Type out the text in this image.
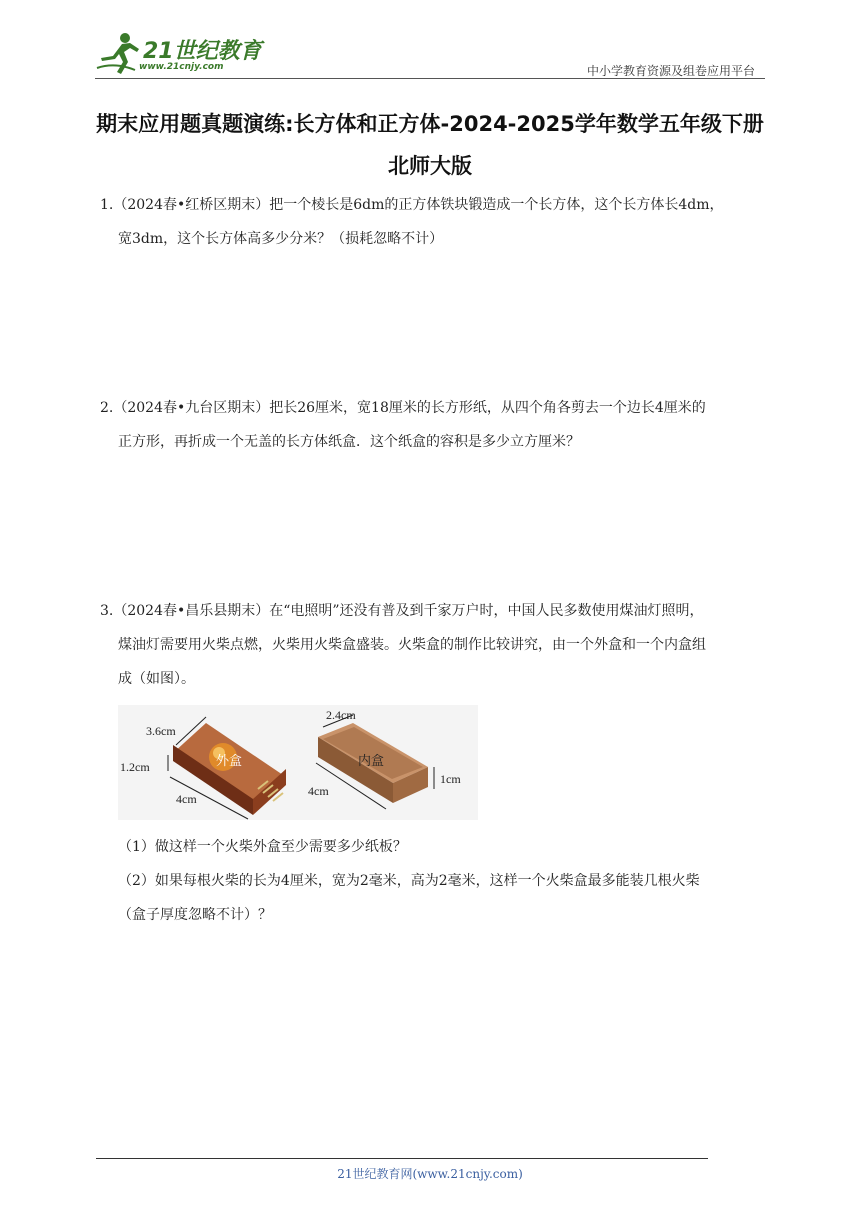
21世纪教育
www.21cnjy.com	中小学教育资源及组卷应用平台
期末应用题真题演练:长方体和正方体-2024-2025学年数学五年级下册
北师大版
1.（2024春•红桥区期末）把一个棱长是6dm的正方体铁块锻造成一个长方体，这个长方体长4dm，
宽3dm，这个长方体高多少分米？（损耗忽略不计）
2.（2024春•九台区期末）把长26厘米，宽18厘米的长方形纸，从四个角各剪去一个边长4厘米的
正方形，再折成一个无盖的长方体纸盒．这个纸盒的容积是多少立方厘米？
3.（2024春•昌乐县期末）在“电照明”还没有普及到千家万户时，中国人民多数使用煤油灯照明，
煤油灯需要用火柴点燃，火柴用火柴盒盛装。火柴盒的制作比较讲究，由一个外盒和一个内盒组
成（如图）。
3.6cm
1.2cm
4cm
外盒
2.4cm
4cm
1cm
内盒
（1）做这样一个火柴外盒至少需要多少纸板？
（2）如果每根火柴的长为4厘米，宽为2毫米，高为2毫米，这样一个火柴盒最多能装几根火柴
（盒子厚度忽略不计）？
21世纪教育网(www.21cnjy.com)
